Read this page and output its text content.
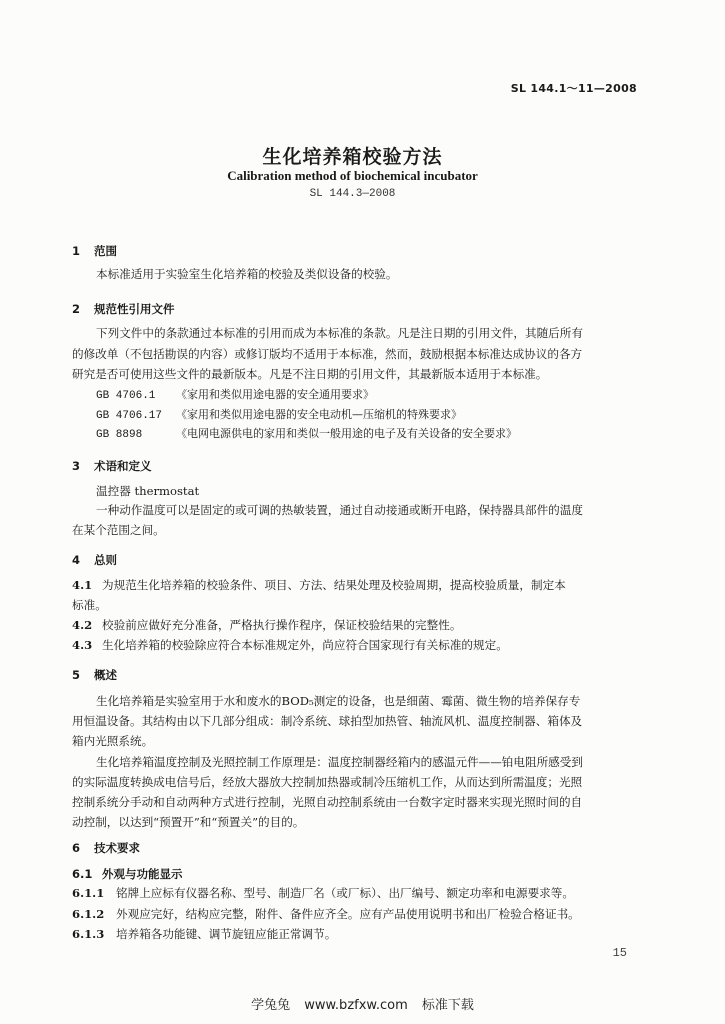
SL 144.1～11—2008
生化培养箱校验方法
Calibration method of biochemical incubator
SL 144.3—2008
1 范围
本标准适用于实验室生化培养箱的校验及类似设备的校验。
2 规范性引用文件
下列文件中的条款通过本标准的引用而成为本标准的条款。凡是注日期的引用文件，其随后所有
的修改单（不包括勘误的内容）或修订版均不适用于本标准，然而，鼓励根据本标准达成协议的各方
研究是否可使用这些文件的最新版本。凡是不注日期的引用文件，其最新版本适用于本标准。
GB 4706.1 《家用和类似用途电器的安全通用要求》
GB 4706.17 《家用和类似用途电器的安全电动机—压缩机的特殊要求》
GB 8898	《电网电源供电的家用和类似一般用途的电子及有关设备的安全要求》
3 术语和定义
温控器 thermostat
一种动作温度可以是固定的或可调的热敏装置，通过自动接通或断开电路，保持器具部件的温度
在某个范围之间。
4 总则
4.1 为规范生化培养箱的校验条件、项目、方法、结果处理及校验周期，提高校验质量，制定本
标准。
4.2 校验前应做好充分准备，严格执行操作程序，保证校验结果的完整性。
4.3 生化培养箱的校验除应符合本标准规定外，尚应符合国家现行有关标准的规定。
5 概述
生化培养箱是实验室用于水和废水的BOD₅测定的设备，也是细菌、霉菌、微生物的培养保存专
用恒温设备。其结构由以下几部分组成：制冷系统、球拍型加热管、轴流风机、温度控制器、箱体及
箱内光照系统。
生化培养箱温度控制及光照控制工作原理是：温度控制器经箱内的感温元件——铂电阻所感受到
的实际温度转换成电信号后，经放大器放大控制加热器或制冷压缩机工作，从而达到所需温度；光照
控制系统分手动和自动两种方式进行控制，光照自动控制系统由一台数字定时器来实现光照时间的自
动控制，以达到“预置开”和“预置关”的目的。
6 技术要求
6.1 外观与功能显示
6.1.1 铭牌上应标有仪器名称、型号、制造厂名（或厂标）、出厂编号、额定功率和电源要求等。
6.1.2 外观应完好，结构应完整，附件、备件应齐全。应有产品使用说明书和出厂检验合格证书。
6.1.3 培养箱各功能键、调节旋钮应能正常调节。
15
学兔兔 www.bzfxw.com 标准下载
